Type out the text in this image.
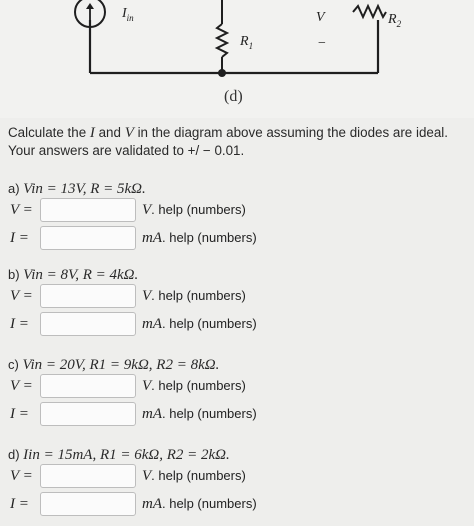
$I_{in}$
$R_1$
V
−
$R_2$
(d)
Calculate the I and V in the diagram above assuming the diodes are ideal.
Your answers are validated to +/ − 0.01.
a) Vin = 13V, R = 5kΩ.
V =	V. help (numbers)
I =	mA. help (numbers)
b) Vin = 8V, R = 4kΩ.
V =	V. help (numbers)
I =	mA. help (numbers)
c) Vin = 20V, R1 = 9kΩ, R2 = 8kΩ.
V =	V. help (numbers)
I =	mA. help (numbers)
d) Iin = 15mA, R1 = 6kΩ, R2 = 2kΩ.
V =	V. help (numbers)
I =	mA. help (numbers)
